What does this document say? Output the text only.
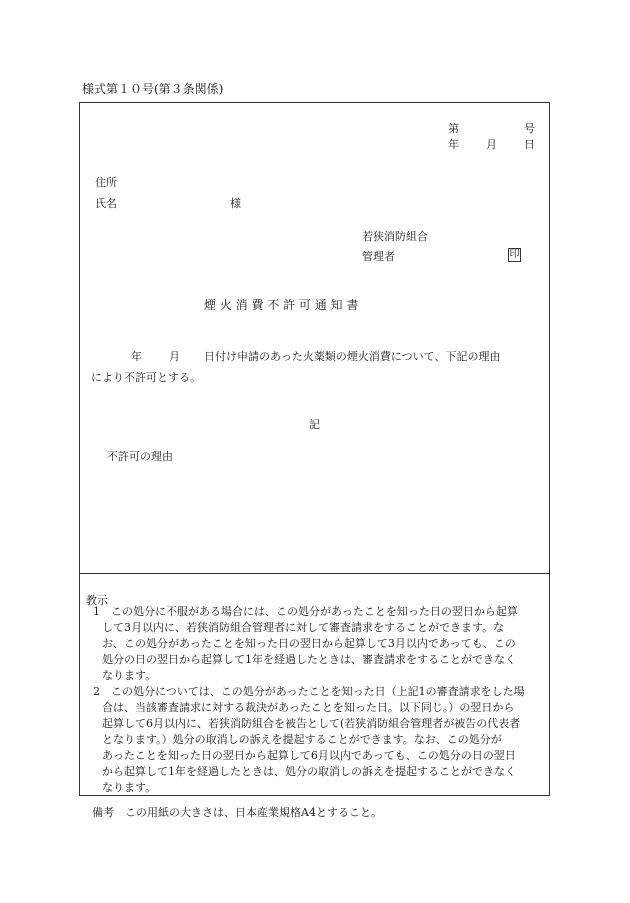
様式第１０号(第３条関係)
第	号
年 月 日
住所
氏名	様
若狭消防組合
管理者	印
煙 火 消 費 不 許 可 通 知 書
年 月 日付け申請のあった火薬類の煙火消費について、下記の理由
により不許可とする。
記
不許可の理由
教示
1　この処分に不服がある場合には、この処分があったことを知った日の翌日から起算
して3月以内に、若狭消防組合管理者に対して審査請求をすることができます。な
お、この処分があったことを知った日の翌日から起算して3月以内であっても、この
処分の日の翌日から起算して1年を経過したときは、審査請求をすることができなく
なります。
2　この処分については、この処分があったことを知った日（上記1の審査請求をした場
合は、当該審査請求に対する裁決があったことを知った日。以下同じ。）の翌日から
起算して6月以内に、若狭消防組合を被告として(若狭消防組合管理者が被告の代表者
となります。）処分の取消しの訴えを提起することができます。なお、この処分が
あったことを知った日の翌日から起算して6月以内であっても、この処分の日の翌日
から起算して1年を経過したときは、処分の取消しの訴えを提起することができなく
なります。
備考　この用紙の大きさは、日本産業規格A4とすること。
